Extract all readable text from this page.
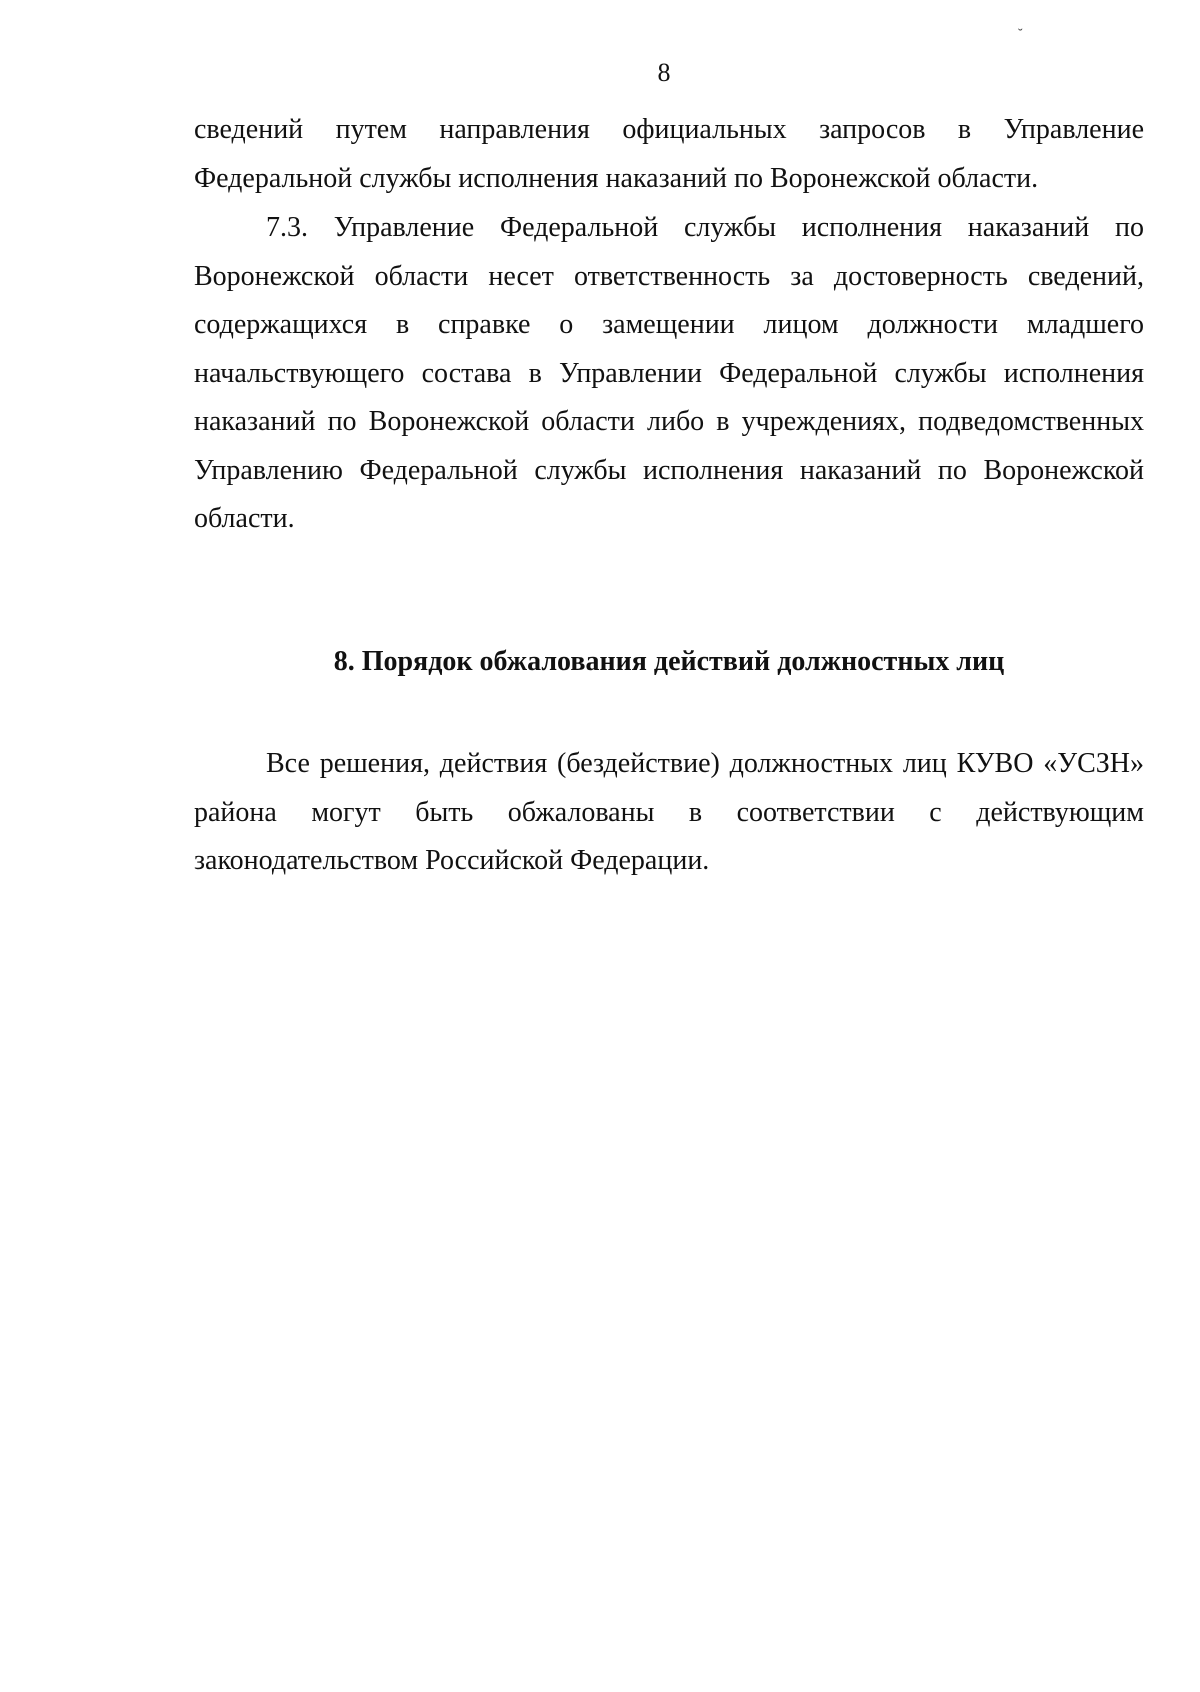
˘
8
сведений путем направления официальных запросов в Управление
Федеральной службы исполнения наказаний по Воронежской области.
7.3. Управление Федеральной службы исполнения наказаний по
Воронежской области несет ответственность за достоверность сведений,
содержащихся в справке о замещении лицом должности младшего
начальствующего состава в Управлении Федеральной службы исполнения
наказаний по Воронежской области либо в учреждениях, подведомственных
Управлению Федеральной службы исполнения наказаний по Воронежской
области.
8. Порядок обжалования действий должностных лиц
Все решения, действия (бездействие) должностных лиц КУВО «УСЗН»
района могут быть обжалованы в соответствии с действующим
законодательством Российской Федерации.
